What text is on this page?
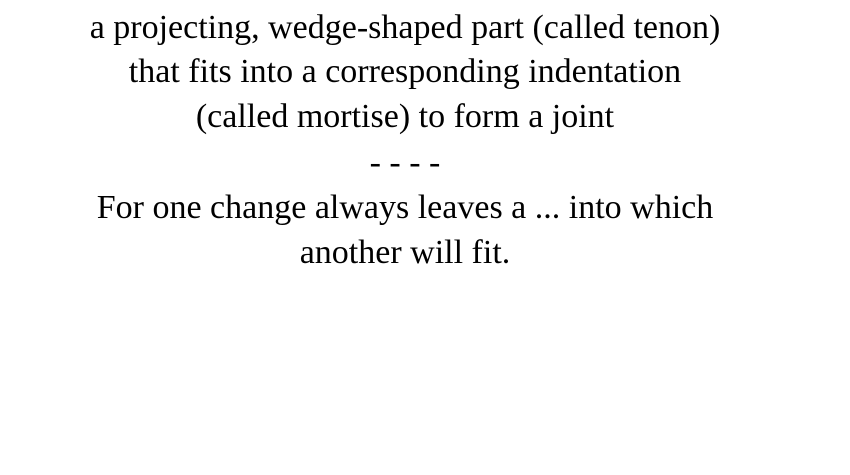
a projecting, wedge-shaped part (called tenon)
that fits into a corresponding indentation
(called mortise) to form a joint
- - - -
For one change always leaves a ... into which
another will fit.
